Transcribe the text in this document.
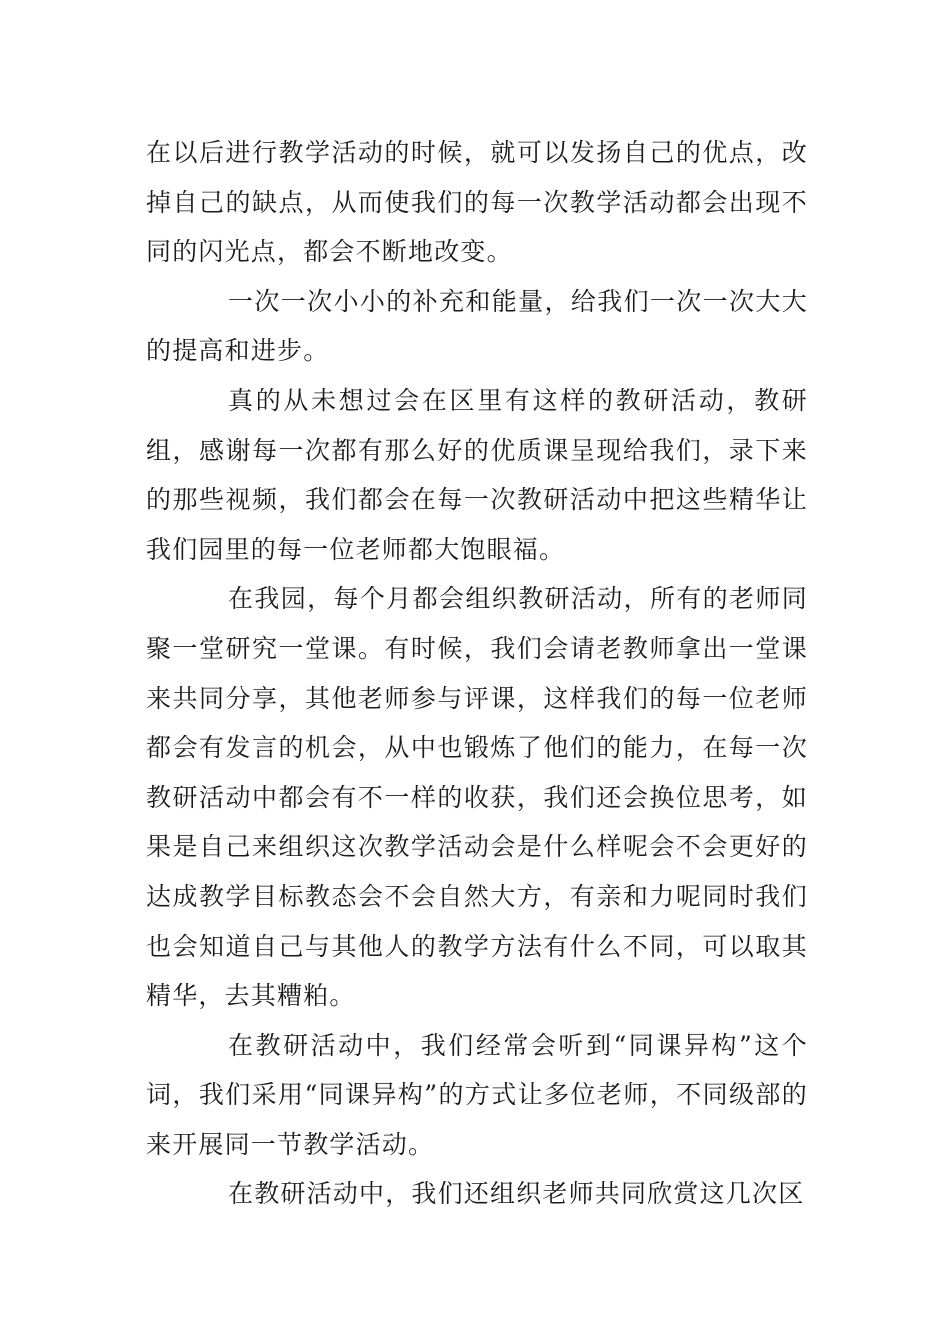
在以后进行教学活动的时候，就可以发扬自己的优点，改掉自己的缺点，从而使我们的每一次教学活动都会出现不同的闪光点，都会不断地改变。

一次一次小小的补充和能量，给我们一次一次大大的提高和进步。

真的从未想过会在区里有这样的教研活动，教研组，感谢每一次都有那么好的优质课呈现给我们，录下来的那些视频，我们都会在每一次教研活动中把这些精华让我们园里的每一位老师都大饱眼福。

在我园，每个月都会组织教研活动，所有的老师同聚一堂研究一堂课。有时候，我们会请老教师拿出一堂课来共同分享，其他老师参与评课，这样我们的每一位老师都会有发言的机会，从中也锻炼了他们的能力，在每一次教研活动中都会有不一样的收获，我们还会换位思考，如果是自己来组织这次教学活动会是什么样呢会不会更好的达成教学目标教态会不会自然大方，有亲和力呢同时我们也会知道自己与其他人的教学方法有什么不同，可以取其精华，去其糟粕。

在教研活动中，我们经常会听到“同课异构”这个词，我们采用“同课异构”的方式让多位老师，不同级部的来开展同一节教学活动。

在教研活动中，我们还组织老师共同欣赏这几次区
